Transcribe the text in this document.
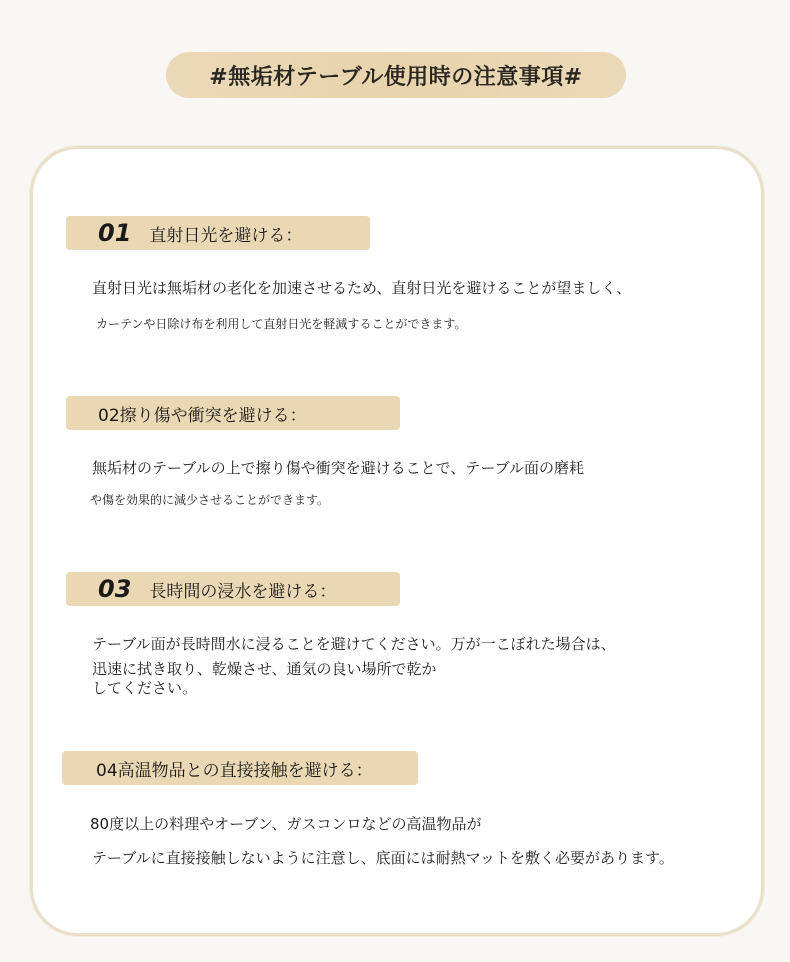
#無垢材テーブル使用時の注意事項#
01 直射日光を避ける：
直射日光は無垢材の老化を加速させるため、直射日光を避けることが望ましく、
カーテンや日除け布を利用して直射日光を軽減することができます。
02擦り傷や衝突を避ける：
無垢材のテーブルの上で擦り傷や衝突を避けることで、テーブル面の磨耗
や傷を効果的に減少させることができます。
03 長時間の浸水を避ける：
テーブル面が長時間水に浸ることを避けてください。万が一こぼれた場合は、
迅速に拭き取り、乾燥させ、通気の良い場所で乾か
してください。
04高温物品との直接接触を避ける：
80度以上の料理やオーブン、ガスコンロなどの高温物品が
テーブルに直接接触しないように注意し、底面には耐熱マットを敷く必要があります。
